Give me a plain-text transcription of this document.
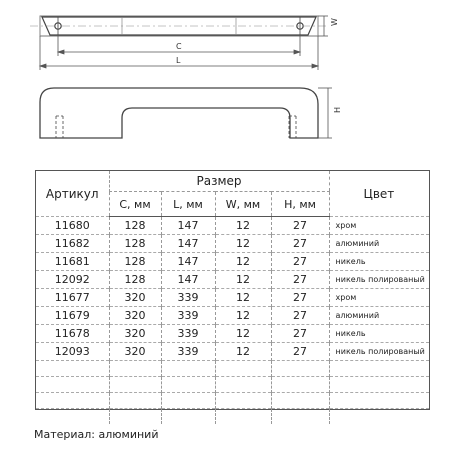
W
C
L
H
Артикул	Размер				Цвет
	C, мм	L, мм	W, мм	H, мм	
11680	128	147	12	27	хром
11682	128	147	12	27	алюминий
11681	128	147	12	27	никель
12092	128	147	12	27	никель полированый
11677	320	339	12	27	хром
11679	320	339	12	27	алюминий
11678	320	339	12	27	никель
12093	320	339	12	27	никель полированый

Материал: алюминий
